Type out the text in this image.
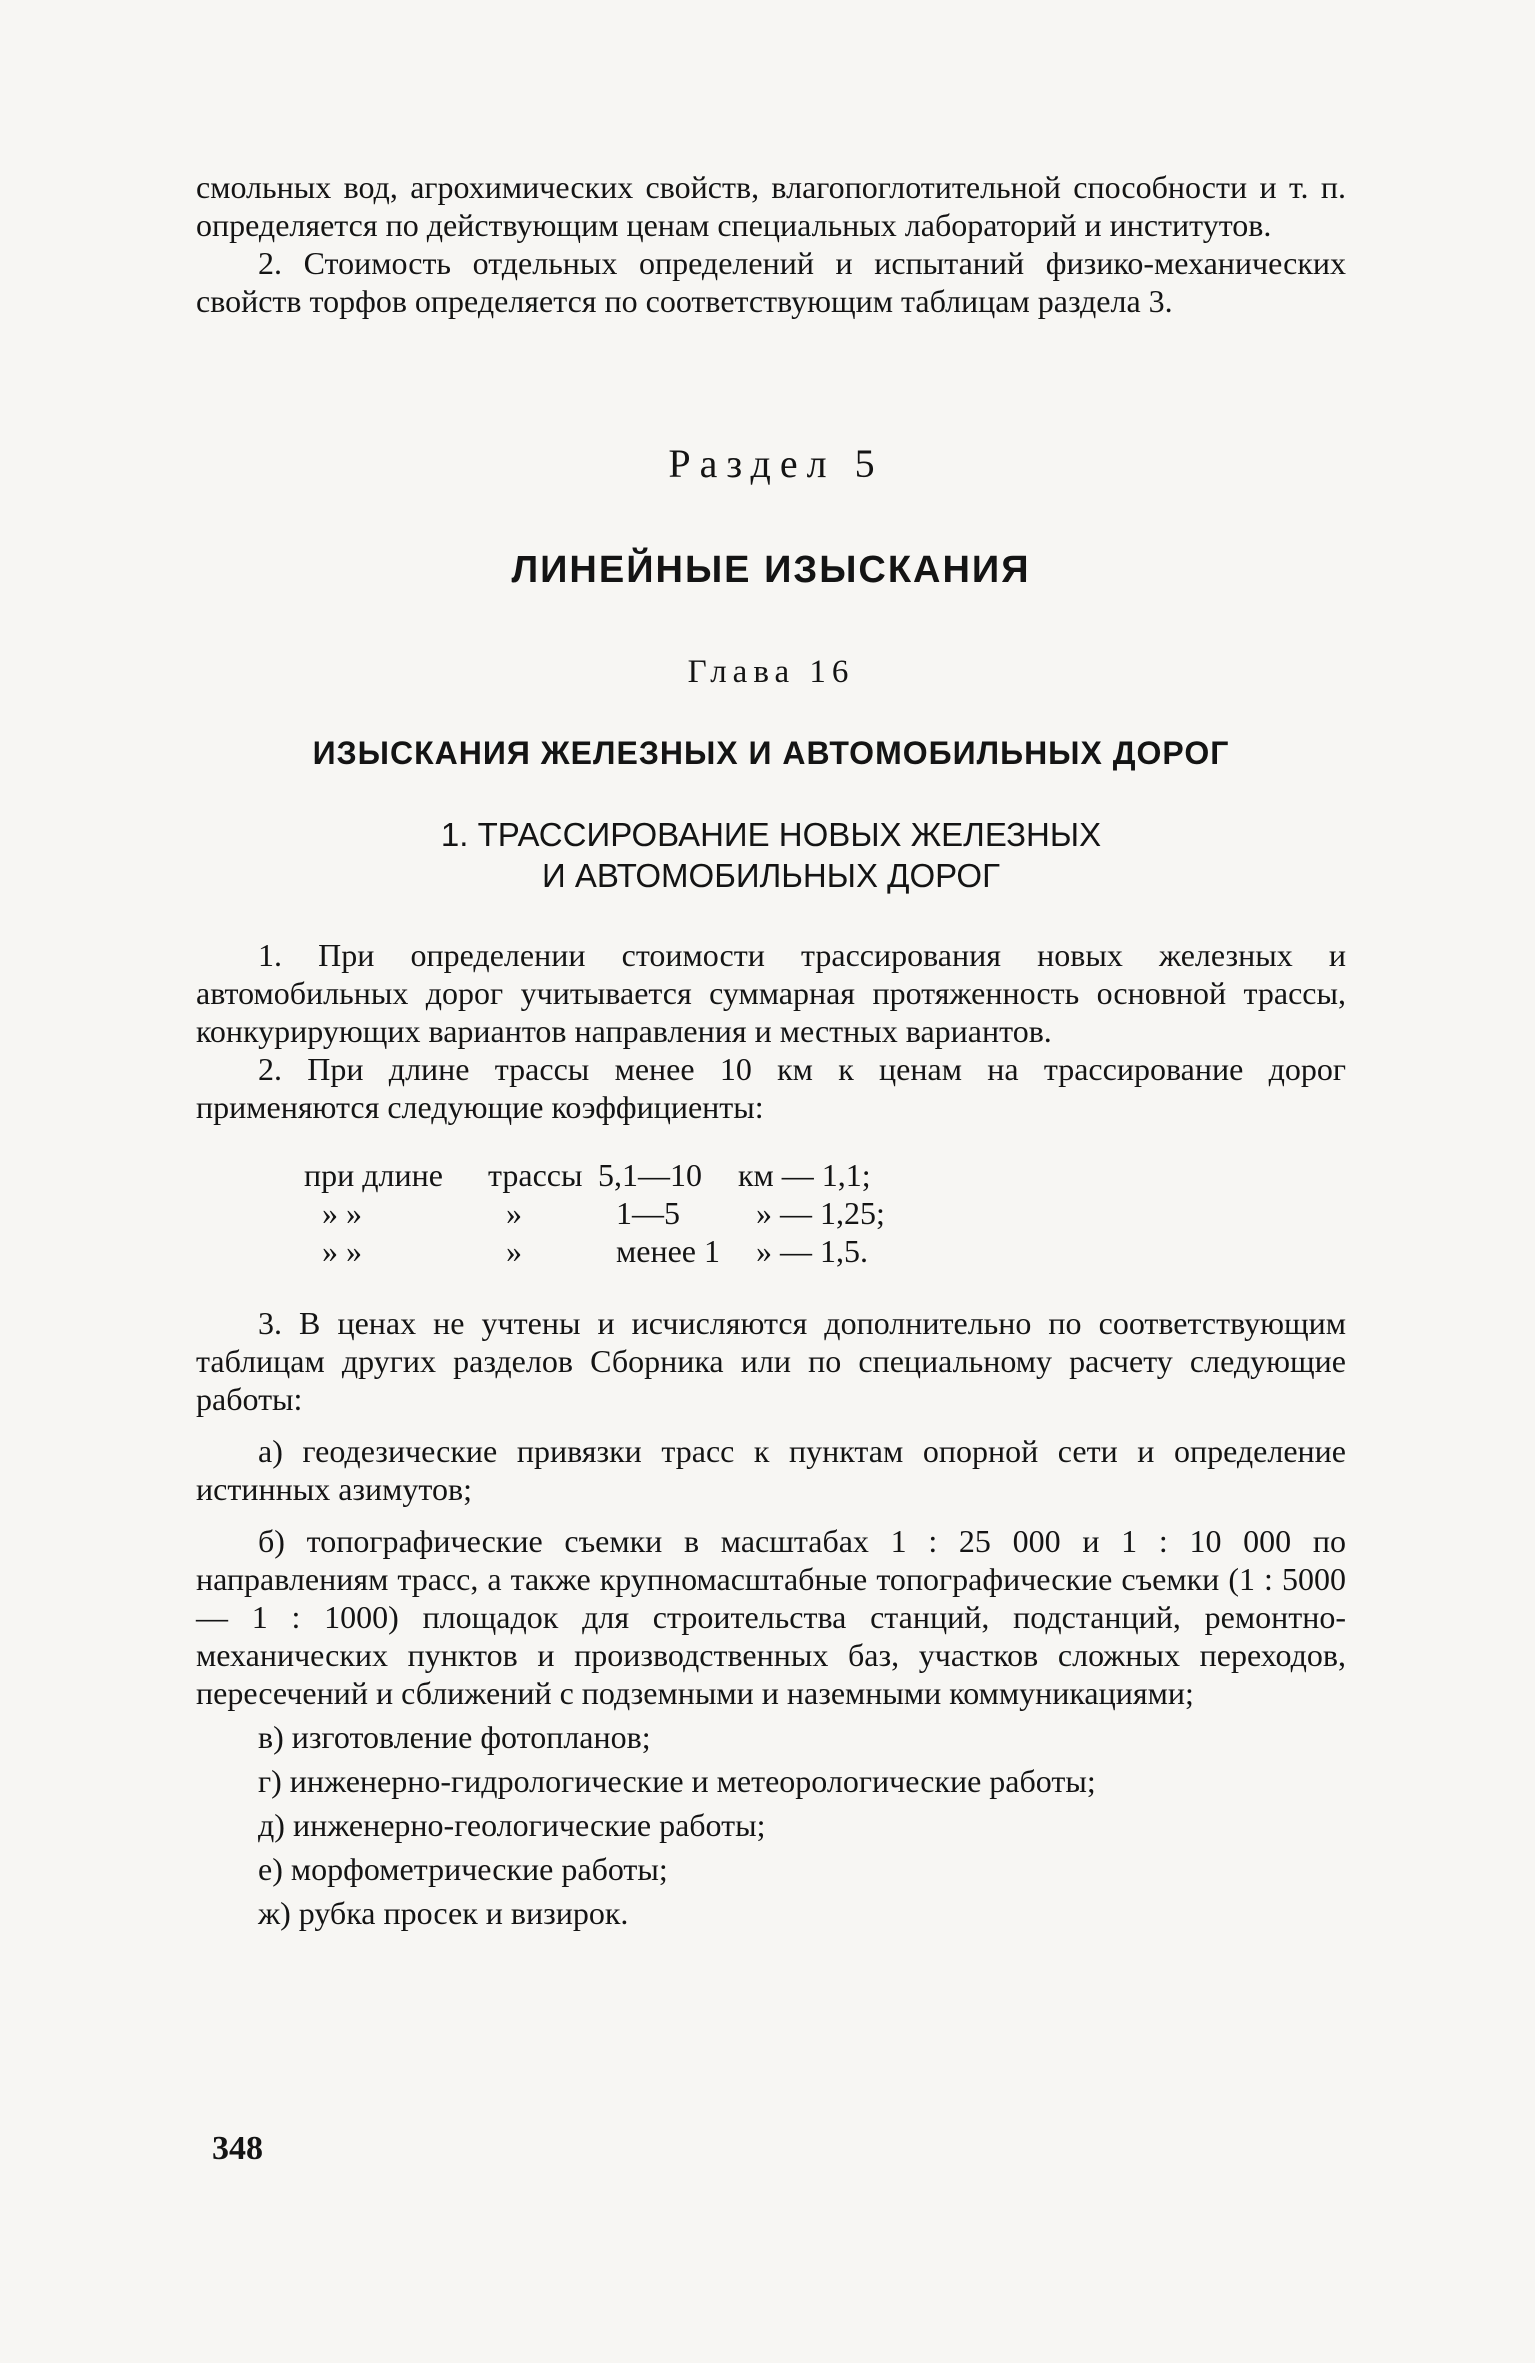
смольных вод, агрохимических свойств, влагопоглотительной способности и т. п. определяется по действующим ценам специальных лабораторий и институтов.

2. Стоимость отдельных определений и испытаний физико-механических свойств торфов определяется по соответствующим таблицам раздела 3.

Раздел 5
ЛИНЕЙНЫЕ ИЗЫСКАНИЯ
Глава 16
ИЗЫСКАНИЯ ЖЕЛЕЗНЫХ И АВТОМОБИЛЬНЫХ ДОРОГ
1. ТРАССИРОВАНИЕ НОВЫХ ЖЕЛЕЗНЫХ
И АВТОМОБИЛЬНЫХ ДОРОГ

1. При определении стоимости трассирования новых железных и автомобильных дорог учитывается суммарная протяженность основной трассы, конкурирующих вариантов направления и местных вариантов.

2. При длине трассы менее 10 км к ценам на трассирование дорог применяются следующие коэффициенты:

при длине	трассы 5,1—10	км — 1,1;
» »	»	1—5	» — 1,25;
» »	»	менее 1	» — 1,5.

3. В ценах не учтены и исчисляются дополнительно по соответствующим таблицам других разделов Сборника или по специальному расчету следующие работы:

а) геодезические привязки трасс к пунктам опорной сети и определение истинных азимутов;

б) топографические съемки в масштабах 1 : 25 000 и 1 : 10 000 по направлениям трасс, а также крупномасштабные топографические съемки (1 : 5000 — 1 : 1000) площадок для строительства станций, подстанций, ремонтно-механических пунктов и производственных баз, участков сложных переходов, пересечений и сближений с подземными и наземными коммуникациями;

в) изготовление фотопланов;

г) инженерно-гидрологические и метеорологические работы;

д) инженерно-геологические работы;

е) морфометрические работы;

ж) рубка просек и визирок.

348
